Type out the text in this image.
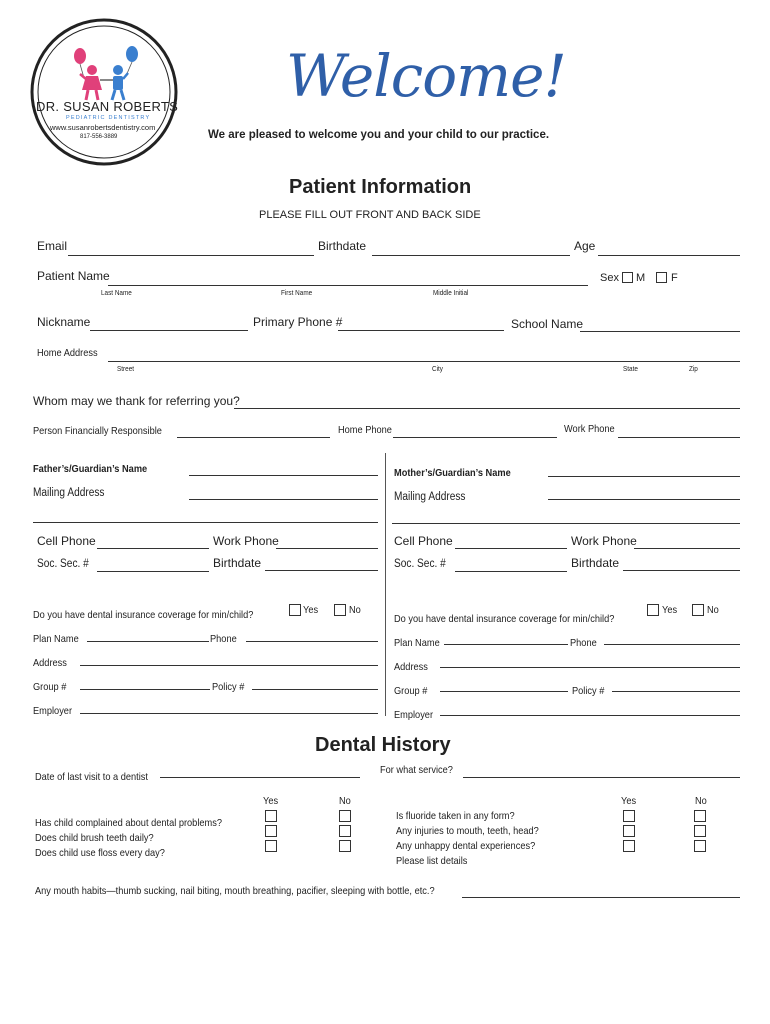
DR. SUSAN ROBERTS
PEDIATRIC DENTISTRY
www.susanrobertsdentistry.com
817-556-3889
Welcome!
We are pleased to welcome you and your child to our practice.
Patient Information
PLEASE FILL OUT FRONT AND BACK SIDE
Email	Birthdate	Age
Patient Name	Sex M F
Last Name	First Name	Middle Initial
Nickname	Primary Phone #	School Name
Home Address
Street	City	State	Zip
Whom may we thank for referring you?
Person Financially Responsible	Home Phone	Work Phone
Father’s/Guardian’s Name
Mailing Address
Cell Phone	Work Phone
Soc. Sec. #	Birthdate
Do you have dental insurance coverage for min/child?	Yes	No
Plan Name	Phone
Address
Group #	Policy #
Employer
Mother’s/Guardian’s Name
Mailing Address
Cell Phone	Work Phone
Soc. Sec. #	Birthdate
Do you have dental insurance coverage for min/child?
Yes	No
Plan Name	Phone
Address
Group #	Policy #
Employer
Dental History
Date of last visit to a dentist
For what service?
Yes	No
Has child complained about dental problems?
Does child brush teeth daily?
Does child use floss every day?
Yes	No
Is fluoride taken in any form?
Any injuries to mouth, teeth, head?
Any unhappy dental experiences?
Please list details
Any mouth habits—thumb sucking, nail biting, mouth breathing, pacifier, sleeping with bottle, etc.?
